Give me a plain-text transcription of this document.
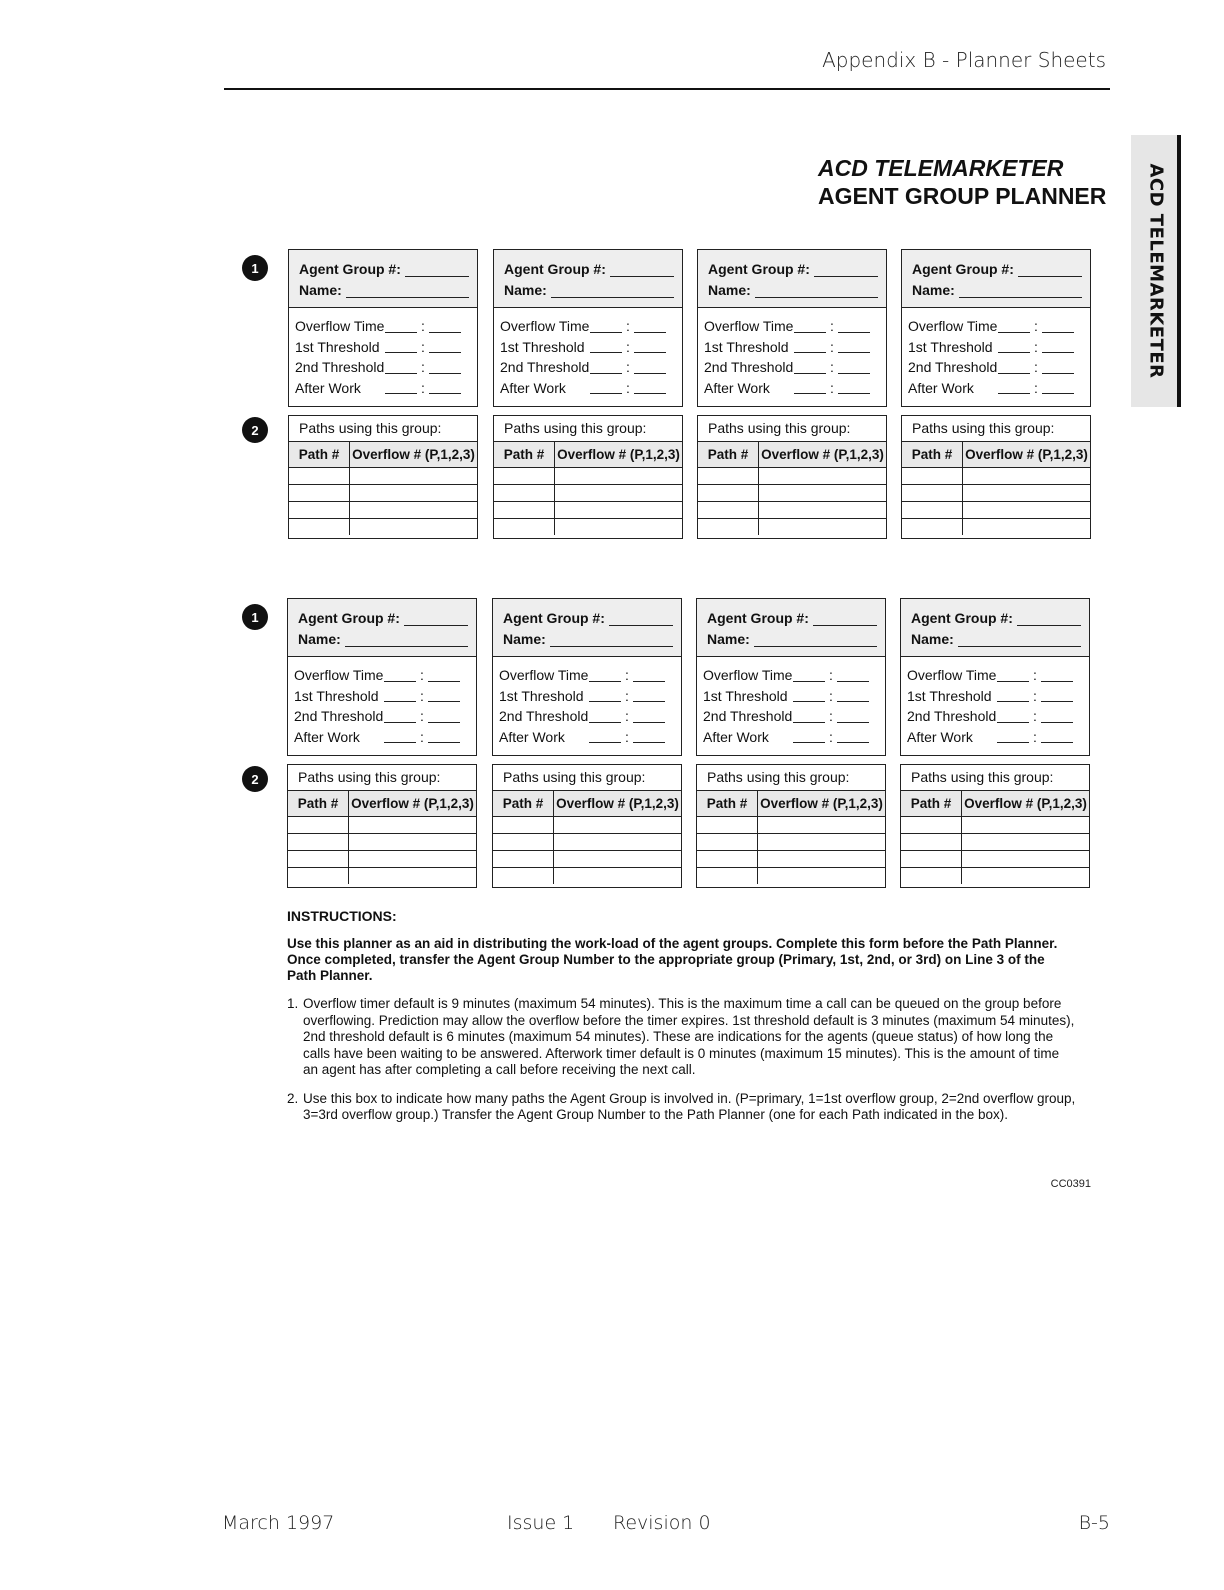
Appendix B - Planner Sheets
ACD TELEMARKETER
ACD TELEMARKETER
AGENT GROUP PLANNER
1
2
1
2
Agent Group #:
Name:
Overflow Time	:
1st Threshold	:
2nd Threshold	:
After Work	:
Paths using this group:
Path #	Overflow # (P,1,2,3)

Agent Group #:
Name:
Overflow Time	:
1st Threshold	:
2nd Threshold	:
After Work	:
Paths using this group:
Path #	Overflow # (P,1,2,3)

Agent Group #:
Name:
Overflow Time	:
1st Threshold	:
2nd Threshold	:
After Work	:
Paths using this group:
Path #	Overflow # (P,1,2,3)

Agent Group #:
Name:
Overflow Time	:
1st Threshold	:
2nd Threshold	:
After Work	:
Paths using this group:
Path #	Overflow # (P,1,2,3)

Agent Group #:
Name:
Overflow Time	:
1st Threshold	:
2nd Threshold	:
After Work	:
Paths using this group:
Path #	Overflow # (P,1,2,3)

Agent Group #:
Name:
Overflow Time	:
1st Threshold	:
2nd Threshold	:
After Work	:
Paths using this group:
Path #	Overflow # (P,1,2,3)

Agent Group #:
Name:
Overflow Time	:
1st Threshold	:
2nd Threshold	:
After Work	:
Paths using this group:
Path #	Overflow # (P,1,2,3)

Agent Group #:
Name:
Overflow Time	:
1st Threshold	:
2nd Threshold	:
After Work	:
Paths using this group:
Path #	Overflow # (P,1,2,3)

INSTRUCTIONS:
Use this planner as an aid in distributing the work-load of the agent groups. Complete this form before the Path Planner. Once completed, transfer the Agent Group Number to the appropriate group (Primary, 1st, 2nd, or 3rd) on Line 3 of the Path Planner.
1. Overflow timer default is 9 minutes (maximum 54 minutes). This is the maximum time a call can be queued on the group before overflowing. Prediction may allow the overflow before the timer expires. 1st threshold default is 3 minutes (maximum 54 minutes), 2nd threshold default is 6 minutes (maximum 54 minutes). These are indications for the agents (queue status) of how long the calls have been waiting to be answered. Afterwork timer default is 0 minutes (maximum 15 minutes). This is the amount of time an agent has after completing a call before receiving the next call.
2. Use this box to indicate how many paths the Agent Group is involved in. (P=primary, 1=1st overflow group, 2=2nd overflow group, 3=3rd overflow group.) Transfer the Agent Group Number to the Path Planner (one for each Path indicated in the box).
CC0391
March 1997	Issue 1 Revision 0	B-5
